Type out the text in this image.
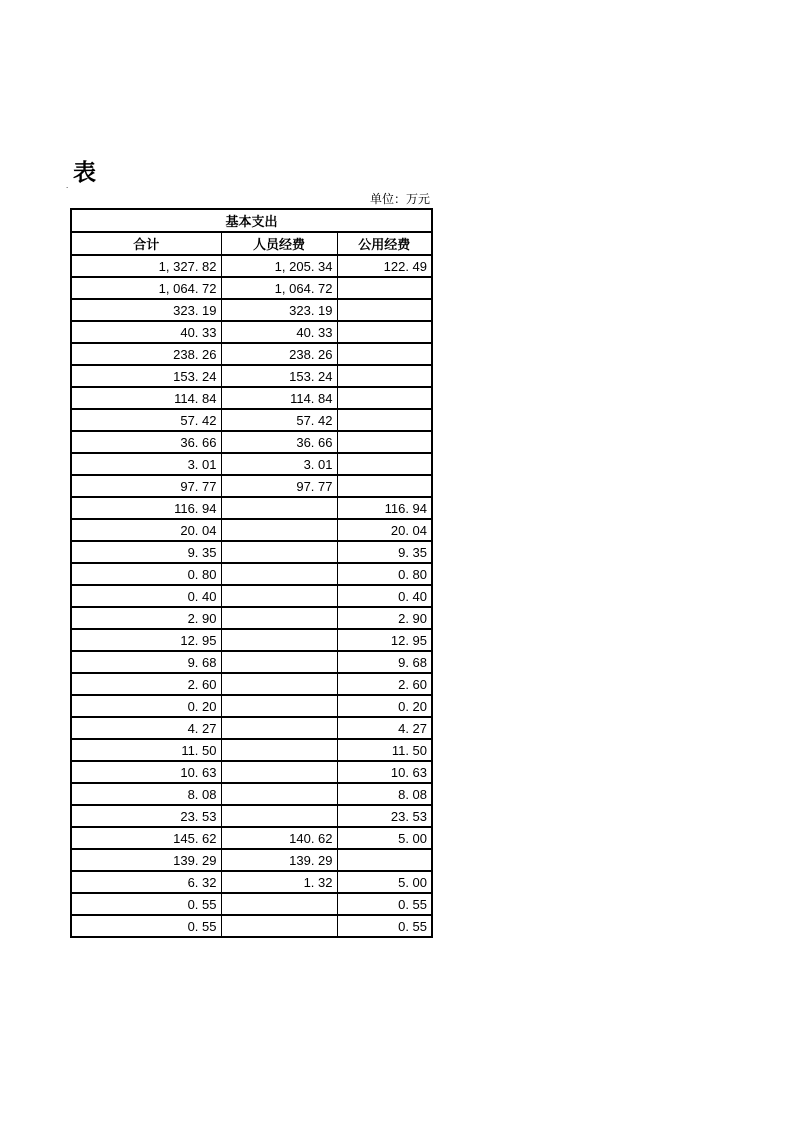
.
表
单位：万元
基本支出		
合计	人员经费	公用经费
1, 327. 82	1, 205. 34	122. 49
1, 064. 72	1, 064. 72	
323. 19	323. 19	
40. 33	40. 33	
238. 26	238. 26	
153. 24	153. 24	
114. 84	114. 84	
57. 42	57. 42	
36. 66	36. 66	
3. 01	3. 01	
97. 77	97. 77	
116. 94		116. 94
20. 04		20. 04
9. 35		9. 35
0. 80		0. 80
0. 40		0. 40
2. 90		2. 90
12. 95		12. 95
9. 68		9. 68
2. 60		2. 60
0. 20		0. 20
4. 27		4. 27
11. 50		11. 50
10. 63		10. 63
8. 08		8. 08
23. 53		23. 53
145. 62	140. 62	5. 00
139. 29	139. 29	
6. 32	1. 32	5. 00
0. 55		0. 55
0. 55		0. 55
